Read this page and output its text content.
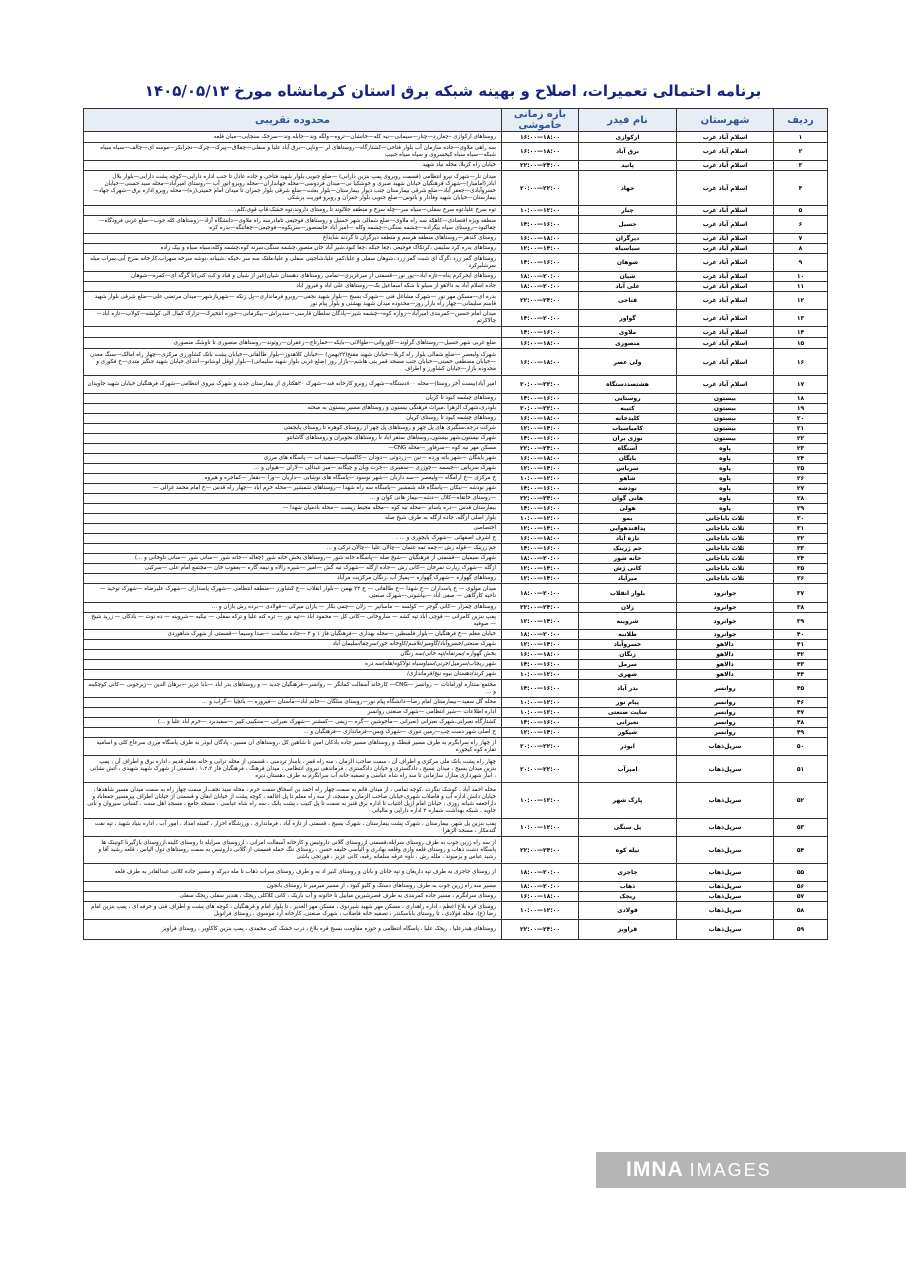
برنامه احتمالی تعمیرات، اصلاح و بهینه شبکه برق استان کرمانشاه مورخ ۱۴۰۵/۰۵/۱۳
ردیف	شهرستان	نام فیدر	بازه زمانی خاموشی	محدوده تقریبی
۱	اسلام آباد غرب	ارکوازی	۱۸:۰۰—۱۶:۰۰	روستاهای ارکوازی –چغازرد—چنار—سیمانی—نیه کله—خانشان—تروه—ولگه وند—جابله وند—سرخک سنجابی—میان قلعه
۲	اسلام آباد غرب	برق آباد	۱۸:۰۰—۱۶:۰۰	سه راهی ملاوی—جاده سازمان آب بلوار فتاحی—کشتارگاه—روستاهای لر —وناپی—برق آباد علیا و سفلی—چقلاق—پیرک—چرک—نجرابکر—موسه ای—چالف—سیاه سیاه شبکه—سیاه سیاه کیخسروی و سیاه سیاه حبیب
۳	اسلام آباد غرب	پانید	۲۴:۰۰—۲۲:۰۰	خیابان راه کربلا، محله نیاد شهید
۴	اسلام آباد غرب	جهاد	۲۲:۰۰—۲۰:۰۰	میدان نار—شهرک نیرو انتظامی (قسمت روبروی پمپ بنزین دارابی) —ضلع جنوبی بلوار شهید فتاحی و جاده عادل تا جنب اداره دارایی—کوچه پشت دارایی—بلوار بلال اباذر(امامیار)—شهرک فرهنگیان خیابان شهید صبری و خوشکیا نی—میدان فردوسی—محله جهانداران—محله روبرو انور آب —روستای امیرآباد—محله سید حسنی—خیابان خسروآبادی—جعفر آباد—ضلع شرقی بیمارستان جنب دیوار بیمارستان—بلوار بعثت—ضلع شرقی بلوار جمران تا میدان امام خمینی(ره)—محله روبرو اداره برق—شهرک جهاد—بیمارستان—خیابان شهید وفادار و بانوس—ضلع جنوبی بلوار جمران و روبرو فوریت پزشکی
۵	اسلام آباد غرب	چنار	۱۲:۰۰—۱۰:۰۰	توه سرخ علیا،توه سرخ سفلی—سیاه سر—چله سرخ و منطقه جلالوند تا روستای داروند،توه خشک،قاپ قوی،کلم، ...
۶	اسلام آباد غرب	حسیل	۱۶:۰۰—۱۴:۰۰	منطقه ویژه اقتصادی—کاهکه سه راه ملاوی—ضلع شمالی شهر حسیل و روستاهای فوجیعی تامادرسه راه ملاوی—دانشگاه آزاد—روستاهای کله جوب—ضلع غربی فرودگاه—چقاکبود—روستای سیاه بیگزاده—چشمه سنگی—چشمه وکله —امیر اباد خانمنصور—سریکوه—فوجیعی—چغاتنگه—بدره کره
۷	اسلام آباد غرب	دیرگران	۱۸:۰۰—۱۶:۰۰	روستای کندهر—روستاهای منطقه هرسم و منطقه دیرگران تا گردنه شابداغ
۸	اسلام آباد غرب	سیاسیاه	۱۴:۰۰—۱۲:۰۰	روستاهای بدره کرد سلیمی ،کرتکاک فوجیعی ،چغا حبکه ،چغا کبود،شیر آباد خان منصور،چشمه سنگی،سرنه کوه،چشمه وکله،سیاه سیاه و بیک زاده
۹	اسلام آباد غرب	شوهان	۱۶:۰۰—۱۴:۰۰	روستاهای گمر زرد ،گرگ ای شبت گمر زرد ،شوهان سفلی و علیا،کمر علیا،شاجیتی سفلی و علیا،ملنک سه سر ،خیکه ،شیبانه ،نوشه سرخه سهراب،کارخانه سرخ آبی،سراب میله سرشلبرکرد
۱۰	اسلام آباد غرب	شیان	۲۰:۰۰—۱۸:۰۰	روستاهای ایحرکرم پناه—تازه اباد—پور نور—قسمتی از میرغزیزی—تمامی روستاهای دهستان شیان(غیر از شیان و قباد و کت کنی)تا گرگه ای—کمره—شوهان
۱۱	اسلام آباد غرب	علی آباد	۲۰:۰۰—۱۸:۰۰	جاده اسلام آباد به دالاهو از سیلو تا شکه اسماعیل بک—روستاهای علی اباد و فیروز اباد
۱۲	اسلام آباد غرب	فتاحی	۲۴:۰۰—۲۲:۰۰	بدره ای—مسکن مهر نور —شهرک مشاغل فنی —شهرک بسیج —بلوار شهید نجفی—روبرو فرمانداری—پل زنکه —شهربازشهر—میدان مرتضی علی—ضلع شرقی بلوار شهید قاسم سلیمانی—چهار راه بازار روز—محدوده میدان شهید بهشتی و بلوار پیام نور
۱۳	اسلام آباد غرب	گواور	۲۰:۰۰—۱۴:۰۰	میدان امام حسین—کمربندی امیرآباد—زواره کوه—چشمه شیر—پادگان سلطان قارسی—سدبراش—بیکرمانی—حوزه انتخیرک—تزارک کمال الی کولشه—کولاب—تازه اباد—چالاکرتم
۱۴	اسلام آباد غرب	ملاوی	۱۶:۰۰—۱۴:۰۰	
۱۵	اسلام آباد غرب	منصوری	۱۸:۰۰—۱۶:۰۰	ضلع غربی شهر حسیل—روستاهای گراوند—کاوروانی—طوالانی—بایکه—خمارتاج—زعفران—روتوند—روستاهای منصوری تا تاوشک منصوری
۱۶	اسلام آباد غرب	ولی عصر	۱۸:۰۰—۱۶:۰۰	شهرک ولیعصر —ضلع شمالی بلوار راه کربلا—خیابان شهید مفتح(۲۲بهمن) —خیابان کلاهدوز—بلوار طالقانی—خیابان پشت بانک کشاورزی مرکزی—چهار راه امالک—سنگ معدن—خیابان مصطفی خمینی—خیابان جنب مسجد قمر بنی هاشم—بازار روز (ضلع غربی بلوار شهید سلیمانی)—بلوار لوقل لوشانو—انتدای خیابان شهید جنگیز مندی—خ فکوری و محدوده بازار—خیابان کشاورز و اطراف
۱۷	اسلام آباد غرب	هشتصددستگاه	۲۲:۰۰—۲۰:۰۰	امیر آباد(بیست آخر روستا)—محله ۸۰۰دستگاه—شهرک روبرو کارخانه قند—شهرک ۲۰هکتاری از بیمارستان جدید و شهرک نیروی انتظامی—شهرک فرهنگیان خیابان شهید جاویدان
۱۸	بیستون	روستایی	۱۶:۰۰—۱۴:۰۰	روستاهای چشمه کبود تا کریان
۱۹	بیستون	کتیبه	۲۲:۰۰—۲۰:۰۰	بلودری،شهرک الزهرا ،میرات فرهنگی بیستون و روستاهای مسیر بیستون به صحنه
۲۰	بیستون	کلیدخانه	۱۸:۰۰—۱۶:۰۰	روستاهای چشمه کبود تا روستای کریان
۲۱	بیستون	کامیاسیاب	۱۴:۰۰—۱۲:۰۰	شرکت درجه،سنگبری های پل چهر و روستاهای پل چهر از روستای کوهره تا روستای پایجفتی
۲۲	بیستون	نوژی بران	۱۶:۰۰—۱۴:۰۰	شهرک بیستون،شهر بیستون،روستاهای سنقر اباد تا روستاهای نجوبران و روستاهای گاشانتو
۲۳	پاوه	آسنگاه	۲۴:۰۰—۲۲:۰۰	مسکن مهر نیه کوه —سرفاور —محله CNG—
۲۴	پاوه	بایگان	۱۸:۰۰—۱۶:۰۰	شهر باینگان —شهر باته ورده —نین —زردوئی —دودان —کاکسیاب—سفید اب — پاسگاه های مرزی
۲۵	پاوه	سریاس	۱۴:۰۰—۱۲:۰۰	شهرک سرپاس —جسمه —چوزری —سفینری —خرت وبان و چیگانه —میر عبدالی —لاران —هیوان و ...
۲۶	پاوه	شاهو	۱۲:۰۰—۱۰:۰۰	خ مرکزی —خ ارامگاه —ولیعصر —سه داربان —شهر نوسود —پاسگاه های نوشابی —داریان —ورا —نقفار —کماجره و هیروه
۲۷	پاوه	نودشه	۱۶:۰۰—۱۴:۰۰	شهر نودشه —نبکان —پاسگاه قله شمشیر —پاسگاه سه راه شهدا —روستاهای شمشیر —محله خرم اباد —چهار راه قدس —خ امام محمد غزالی —
۲۸	پاوه	هانی گوان	۲۴:۰۰—۲۲:۰۰	—روستای خانقاه—کلال —دشه—بیماز هانی کوان و ...
۲۹	پاوه	هولی	۱۶:۰۰—۱۴:۰۰	بیمارستان قدس —دره باسام —محله نیه کوه —محله محیط زیست —محله بادمیان شهدا —
۳۰	ثلاث باباجانی	بمو	۱۲:۰۰—۱۰:۰۰	بلوار اصلی ازگله، جاده ازگله به طرف شیخ صله
۳۱	ثلاث باباجانی	پدافندهوایی	۱۴:۰۰—۱۲:۰۰	اختصاصی
۳۲	ثلاث باباجانی	تازه آباد	۱۸:۰۰—۱۶:۰۰	خ اشرف اصفهانی —شهرک بابچوری و ... .
۳۳	ثلاث باباجانی	جم زرینک	۱۶:۰۰—۱۴:۰۰	جم زرینک —قوله رش —چمه تمه عثمان —چالان علیا —چالان ترکی و ...
۳۴	ثلاث باباجانی	خانه شور	۲۰:۰۰—۱۸:۰۰	شهرک سیمیان —قسمتی از فرهنگیان —شیخ صله —پاسگاه خانه شور —روستاهای بخش خانه شور (چغاله —خانه شور —سانی شور —سانی تاوخانی و ...)
۳۵	ثلاث باباجانی	کانی ژش	۱۴:۰۰—۱۲:۰۰	ازگله —شهرک زیارت نمرخان —کانی رش —جاده ازگله —شهرک تیه گش —امیر —شیره زالاه و نیمه گاره —یعقوب خان —مجتمع امام علی —سرکبی
۳۶	ثلاث باباجانی	میرآباد	۱۴:۰۰—۱۲:۰۰	روستاهای گهواره —شهرک گهواره —پمپاژ آب ،زنگان مرکزیت مرآباد
۳۷	جوانرود	بلوار انقلاب	۲۰:۰۰—۱۸:۰۰	میدان مولوی — خ پاسداران —خ شهدا —خ طالقانی — خ ۲۲ بهمن —بلوار انقلاب —خ کشاورز —منطقه انتظامی —شهرک پاسداران —شهرک علیرضاه —شهرک توحید — ناحیه کارگاهی — صفی اباد —بیاشوتی—شهرک صنعتی
۳۸	جوانرود	زلان	۲۴:۰۰—۲۲:۰۰	روستاهای چمزار —کانی گوجر — کولسه — ماسانیر — زلان —چمی بکار — یازان میرکی —قولادی —برده رش بازان و ...
۳۹	جوانرود	شروینه	۱۴:۰۰—۱۲:۰۰	پمپ بنزین کامرانی — قوچی اباد تپه کشه — ساروخانی —کانی کل — محمود اباد —تپه نور — تره کنه علیا و ترکه سفلی — بیکیه —شروینه — ده نوت — بادکان — زرید شیخ — صوفیه
۴۰	جوانرود	طلانبه	۲۰:۰۰—۱۸:۰۰	خیابان معلم —خ فرهنگیان —بلوار فلسطین —محله بهداری —فرهنگیان فاز ۱ و ۲ —جاده سلامت —صدا وسیما —قسمتی از شهرک شاهوردی
۴۱	دالاهو	خسروآباد	۱۴:۰۰—۱۲:۰۰	شهرک صنعتی/خسروآباد/گاومیر/تلاسم/کاوخانه خور/سرچقا/سلیمان آباد
۴۲	دالاهو	زنگان	۱۸:۰۰—۱۶:۰۰	بخش گهواره /بمرتفاه/تپه خانی/سه زنگان
۴۳	دالاهو	سرمل	۱۶:۰۰—۱۴:۰۰	شهر ریجاب/سرمیل/جرنی/سیاوسیاه تولاکوه/هله/سه دره
۴۴	دالاهو	شهری	۱۲:۰۰—۱۰:۰۰	شهر کرند/دهستان بیوه نیج/فرماندازی/
۴۵	روانسر	بدر آباد	۱۶:۰۰—۱۴:۰۰	مجتمع سنتاره اورامانات — روانسر —CNG— کارخانه آسفالت کمانگر — روانسر—فرهنگیان جدید — و روستاهای بدر اباد —بابا عزیز —برهان الدین —زیرجوبی —کانی کوچکینه و ...
۴۶	روانسر	پیام نور	۱۲:۰۰—۱۰:۰۰	محله گل سفید—بیمارستان امام رضا—دانشگاه پیام نور—روستای سلگان —خانم اباد—ماسنان —فیروزه — باتچیا —گراب و ...
۴۷	روانسر	سایت صنعتی	۱۲:۰۰—۱۰:۰۰	اداره اطلاعات —شیر انتظامی —شهرک صنعتی روانسر
۴۸	روانسر	نعبرانی	۱۶:۰۰—۱۴:۰۰	کشتارگاه نعبرانی،شهرک نعبرانی (نعبرانی —ماخوشین —گره —زیمی —کمشنر —شهرک نعبرانی —سنکیبی کبیر —سفیدبرد —خرم اباد علیا و ...)
۴۹	روانسر	شیکور	۱۴:۰۰—۱۲:۰۰	خ اصلی شهر دست چپ—زمین تنوری —شهرک وبس—فرماندازی —فرهنگیان و ...
۵۰	سرپل‌ذهاب	ابوذر	۲۲:۰۰—۲۰:۰۰	از چهار راه سرابگرم به طرف مسیر قبطک و روستاهای مسیر جاده بادکان امین تا شاهین کل ،روستاهای ان مسیر ، پادگان ابوذر به طرف پاسگاه مرزی سرعاع کلی و اسامیه تفاره کوه کیجوره
۵۱	سرپل‌ذهاب	امیرآب	۲۲:۰۰—۲۰:۰۰	چهار راه پشت بانک ملی مرکزی و اطراف آن ، سمت صاحب الزمان ، سه راه قمر ، یاسار تردسی ، قسمتی از محله ترابی و خانه معلم قدیم ، اداره برق و اطراف آن ، پمپ بنزین میدان بسیج ، میدان بسیج ، دادگستری و خیابان دادگستری ، فرماندهی نیروی انتظامی ، میدان فرهنگ ، فرهنگیان فاز ۱،۲،۳ ، قسمتی از شهرک شهید شهیدی ، آتش نشانی ، انبار شهرداری منازل سازمانی تا سه راه شاه عباسی و تصفیه خانه آب سرابگرم به طرف دهستان دیره
۵۲	سرپل‌ذهاب	پارک شهر	۱۲:۰۰—۱۰:۰۰	محله احمد آباد ، کوشک ننگرت ،کوچه تمامی ، از میدان قانم به سمت چهار راه احمد بن اسحاق سمت حرم ، محله سید نجف،از سمت چهار راه به سمت میدان مسیر شاهدها ، خیابان دانش اداره آب و فاضلاب شهری،خیابان صاحب الزمان و مسجد، از سه راه معلم تا پل اغالقه ، کوچه پشت از خیابان ابقان و قسمتی از خیابان اطراف پیرمسیر جمعاباد و داراجعفه شیانه روزی ، خیابان امام ازپل اغتیاب تا اداره برق قنبر به سمت تا پل کنیب ، پشت بانک ، سه راه شاه عباسی ، مسجد جامع ، مسجد اهل سنت ، کسانی سیروان و بانی جاوید ، شبکه بهداشت شماره ۲ اداره دارایی و مالیاتی
۵۳	سرپل‌ذهاب	پل سنگی	۱۲:۰۰—۱۰:۰۰	پمپ بنزین پل شهر، بیمارستان ، شهرک پشت بیمارستان ، شهرک بسیج ، قسمتی از تازه آباد ، فرمانداری ، ورزشگاه احرار ، کمیته امداد ، امور آب ، اداره بنیاد شهید ، تپه نفت گندمکار ، مسجد الزهرا
۵۴	سرپل‌ذهاب	تیله کوه	۲۴:۰۰—۲۲:۰۰	از سه راه زرین جوب به طرف روستای سرایله،قسمتی ازروستای گلانی داروئیس و کارخانه آسفالت امرانی ، ازروستای سرایله تا روستای کلینه،ازروستای بازگیرنا کوتینک ها پاسگاه دشت ذهاب و روستای قلعه وازی وقلعه بهادری و الیاسی خلیفه حسن ، روستای ننگ حمله قسمتی از گلانی داروئیس به سمت روستاهای دول الیاس ، قلعه رشید آقا و رشید عباس و بزمیوند ، ملله رش ، ناوه عرقه سلمانه رقیه، کانی عزیز ، قورتجی یاشی
۵۵	سرپل‌ذهاب	جاجری	۲۰:۰۰—۱۸:۰۰	از روستای جاجری به طرف تپه داریغان و تپه جانان و بابان و روستای کبیر اد به و طرف روستای سراب ذهاب تا مله دیرکه و مسیر جاده کلانی عبدالقادر به طرف قلعه
۵۶	سرپل‌ذهاب	ذهاب	۲۰:۰۰—۱۸:۰۰	مسیر سه راه زرین جوب به طرف روستاهای دستک و کلیو کبود ، از مسیر میرمیر تا روستای بانجون
۵۷	سرپل‌ذهاب	ریجک	۱۸:۰۰—۱۶:۰۰	روستای سرابگرم ، مسیر جاده کمربندی به طرف قصرشیرین میاییل تا حاتونه و آب باریک ، کانی کلاکلی ریجک ، هندیر سفلی ریجک سفلی
۵۸	سرپل‌ذهاب	قولادی	۱۲:۰۰—۱۰:۰۰	روستای قره بلاغ اعظم ، اداره راهداری ، مسکن مهر شهید شیردوی ، مسکن مهر الغدیر ، تا بلوار امام و فرهنگیان ، کوچه های پشت و اطراف فنی و حرفه ای ، پمپ بنزین امام رضا (ع)، محله فولادی ، تا روستای باباسکندر ، تصفیه خانه فاضلاب ، شهرک صنعتی، کارخانه آرد موسوی ، روستای فرانوبل
۵۹	سرپل‌ذهاب	قراویز	۲۴:۰۰—۲۲:۰۰	روستاهای هیدرعلیا ، ریجک علیا ، پاسگاه انتظامی و حوزه مقاومت بسیج قره بلاغ ، درب خشک کنی محمدی ، پمپ بنزین کاکاویر ، روستای قراویز
IMNA IMAGES
